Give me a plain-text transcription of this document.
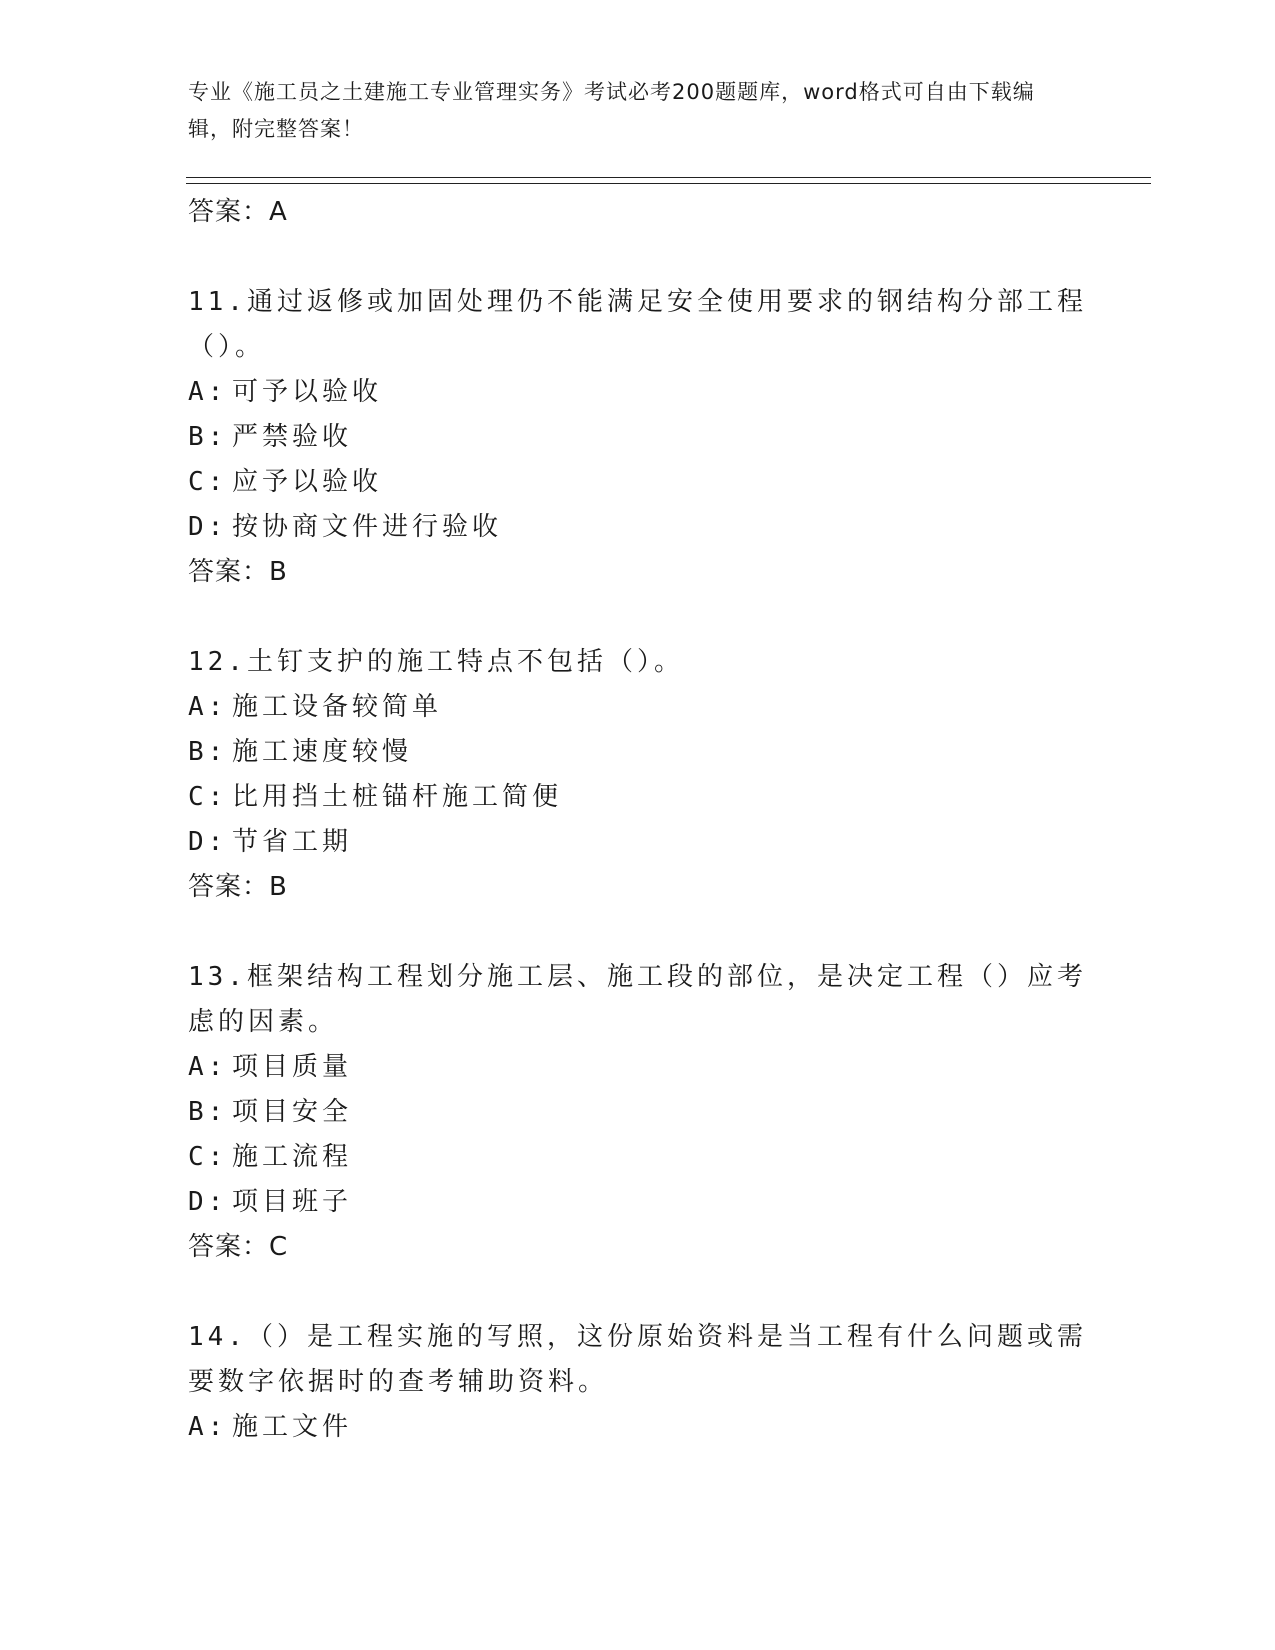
专业《施工员之土建施工专业管理实务》考试必考200题题库，word格式可自由下载编辑，附完整答案！
答案：A
11.通过返修或加固处理仍不能满足安全使用要求的钢结构分部工程（）。
A: 可予以验收
B: 严禁验收
C: 应予以验收
D: 按协商文件进行验收
答案：B
12.土钉支护的施工特点不包括（）。
A: 施工设备较简单
B: 施工速度较慢
C: 比用挡土桩锚杆施工简便
D: 节省工期
答案：B
13.框架结构工程划分施工层、施工段的部位，是决定工程（）应考虑的因素。
A: 项目质量
B: 项目安全
C: 施工流程
D: 项目班子
答案：C
14.（）是工程实施的写照，这份原始资料是当工程有什么问题或需要数字依据时的查考辅助资料。
A: 施工文件
